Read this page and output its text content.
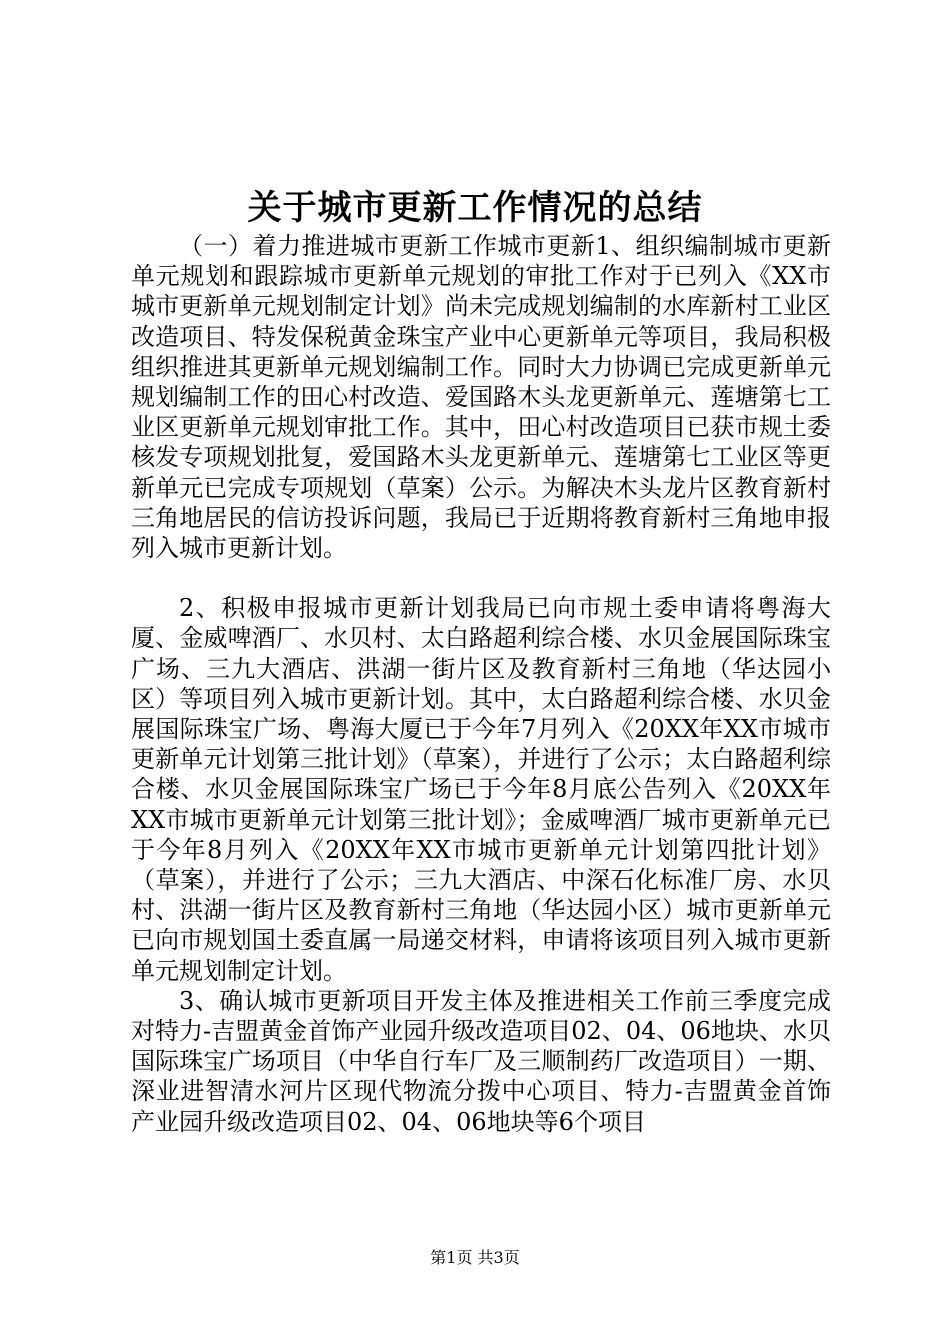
关于城市更新工作情况的总结

（一）着力推进城市更新工作城市更新1、组织编制城市更新单元规划和跟踪城市更新单元规划的审批工作对于已列入《XX市城市更新单元规划制定计划》尚未完成规划编制的水库新村工业区改造项目、特发保税黄金珠宝产业中心更新单元等项目，我局积极组织推进其更新单元规划编制工作。同时大力协调已完成更新单元规划编制工作的田心村改造、爱国路木头龙更新单元、莲塘第七工业区更新单元规划审批工作。其中，田心村改造项目已获市规土委核发专项规划批复，爱国路木头龙更新单元、莲塘第七工业区等更新单元已完成专项规划（草案）公示。为解决木头龙片区教育新村三角地居民的信访投诉问题，我局已于近期将教育新村三角地申报列入城市更新计划。

2、积极申报城市更新计划我局已向市规土委申请将粤海大厦、金威啤酒厂、水贝村、太白路超利综合楼、水贝金展国际珠宝广场、三九大酒店、洪湖一街片区及教育新村三角地（华达园小区）等项目列入城市更新计划。其中，太白路超利综合楼、水贝金展国际珠宝广场、粤海大厦已于今年7月列入《20XX年XX市城市更新单元计划第三批计划》（草案），并进行了公示；太白路超利综合楼、水贝金展国际珠宝广场已于今年8月底公告列入《20XX年XX市城市更新单元计划第三批计划》；金威啤酒厂城市更新单元已于今年8月列入《20XX年XX市城市更新单元计划第四批计划》（草案），并进行了公示；三九大酒店、中深石化标准厂房、水贝村、洪湖一街片区及教育新村三角地（华达园小区）城市更新单元已向市规划国土委直属一局递交材料，申请将该项目列入城市更新单元规划制定计划。

3、确认城市更新项目开发主体及推进相关工作前三季度完成对特力-吉盟黄金首饰产业园升级改造项目02、04、06地块、水贝国际珠宝广场项目（中华自行车厂及三顺制药厂改造项目）一期、深业进智清水河片区现代物流分拨中心项目、特力-吉盟黄金首饰产业园升级改造项目02、04、06地块等6个项目

第1页 共3页
